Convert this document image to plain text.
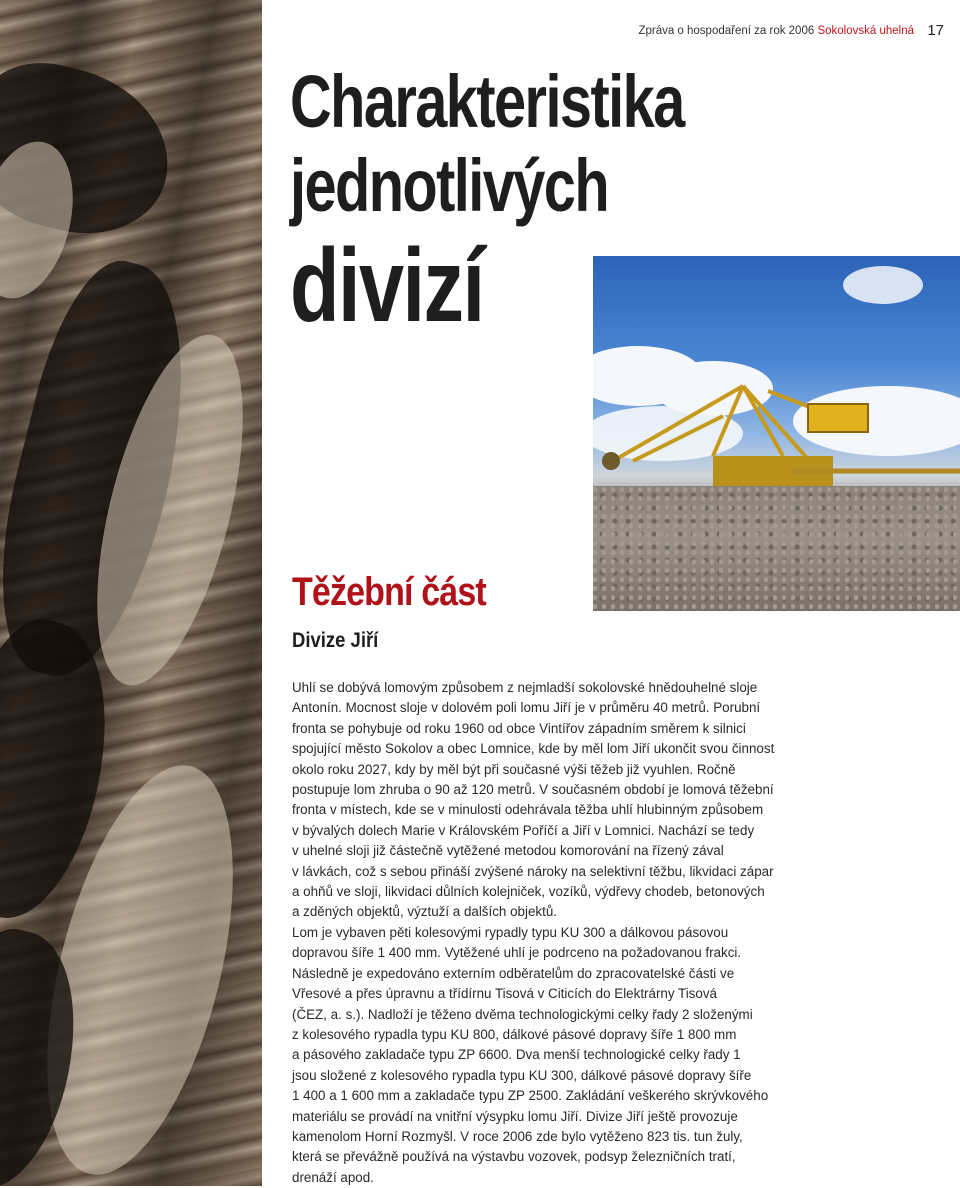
Zpráva o hospodaření za rok 2006 Sokolovská uhelná 17
Charakteristika
jednotlivých
divizí
Těžební část
Divize Jiří

Uhlí se dobývá lomovým způsobem z nejmladší sokolovské hnědouhelné sloje
Antonín. Mocnost sloje v dolovém poli lomu Jiří je v průměru 40 metrů. Porubní
fronta se pohybuje od roku 1960 od obce Vintířov západním směrem k silnici
spojující město Sokolov a obec Lomnice, kde by měl lom Jiří ukončit svou činnost
okolo roku 2027, kdy by měl být při současné výši těžeb již vyuhlen. Ročně
postupuje lom zhruba o 90 až 120 metrů. V současném období je lomová těžební
fronta v místech, kde se v minulosti odehrávala těžba uhlí hlubinným způsobem
v bývalých dolech Marie v Královském Poříčí a Jiří v Lomnici. Nachází se tedy
v uhelné sloji již částečně vytěžené metodou komorování na řízený zával
v lávkách, což s sebou přináší zvýšené nároky na selektivní těžbu, likvidaci zápar
a ohňů ve sloji, likvidaci důlních kolejniček, vozíků, výdřevy chodeb, betonových
a zděných objektů, výztuží a dalších objektů.
Lom je vybaven pěti kolesovými rypadly typu KU 300 a dálkovou pásovou
dopravou šíře 1 400 mm. Vytěžené uhlí je podrceno na požadovanou frakci.
Následně je expedováno externím odběratelům do zpracovatelské části ve
Vřesové a přes úpravnu a třídírnu Tisová v Citicích do Elektrárny Tisová
(ČEZ, a. s.). Nadloží je těženo dvěma technologickými celky řady 2 složenými
z kolesového rypadla typu KU 800, dálkové pásové dopravy šíře 1 800 mm
a pásového zakladače typu ZP 6600. Dva menší technologické celky řady 1
jsou složené z kolesového rypadla typu KU 300, dálkové pásové dopravy šíře
1 400 a 1 600 mm a zakladače typu ZP 2500. Zakládání veškerého skrývkového
materiálu se provádí na vnitřní výsypku lomu Jiří. Divize Jiří ještě provozuje
kamenolom Horní Rozmyšl. V roce 2006 zde bylo vytěženo 823 tis. tun žuly,
která se převážně používá na výstavbu vozovek, podsyp železničních tratí,
drenáží apod.
